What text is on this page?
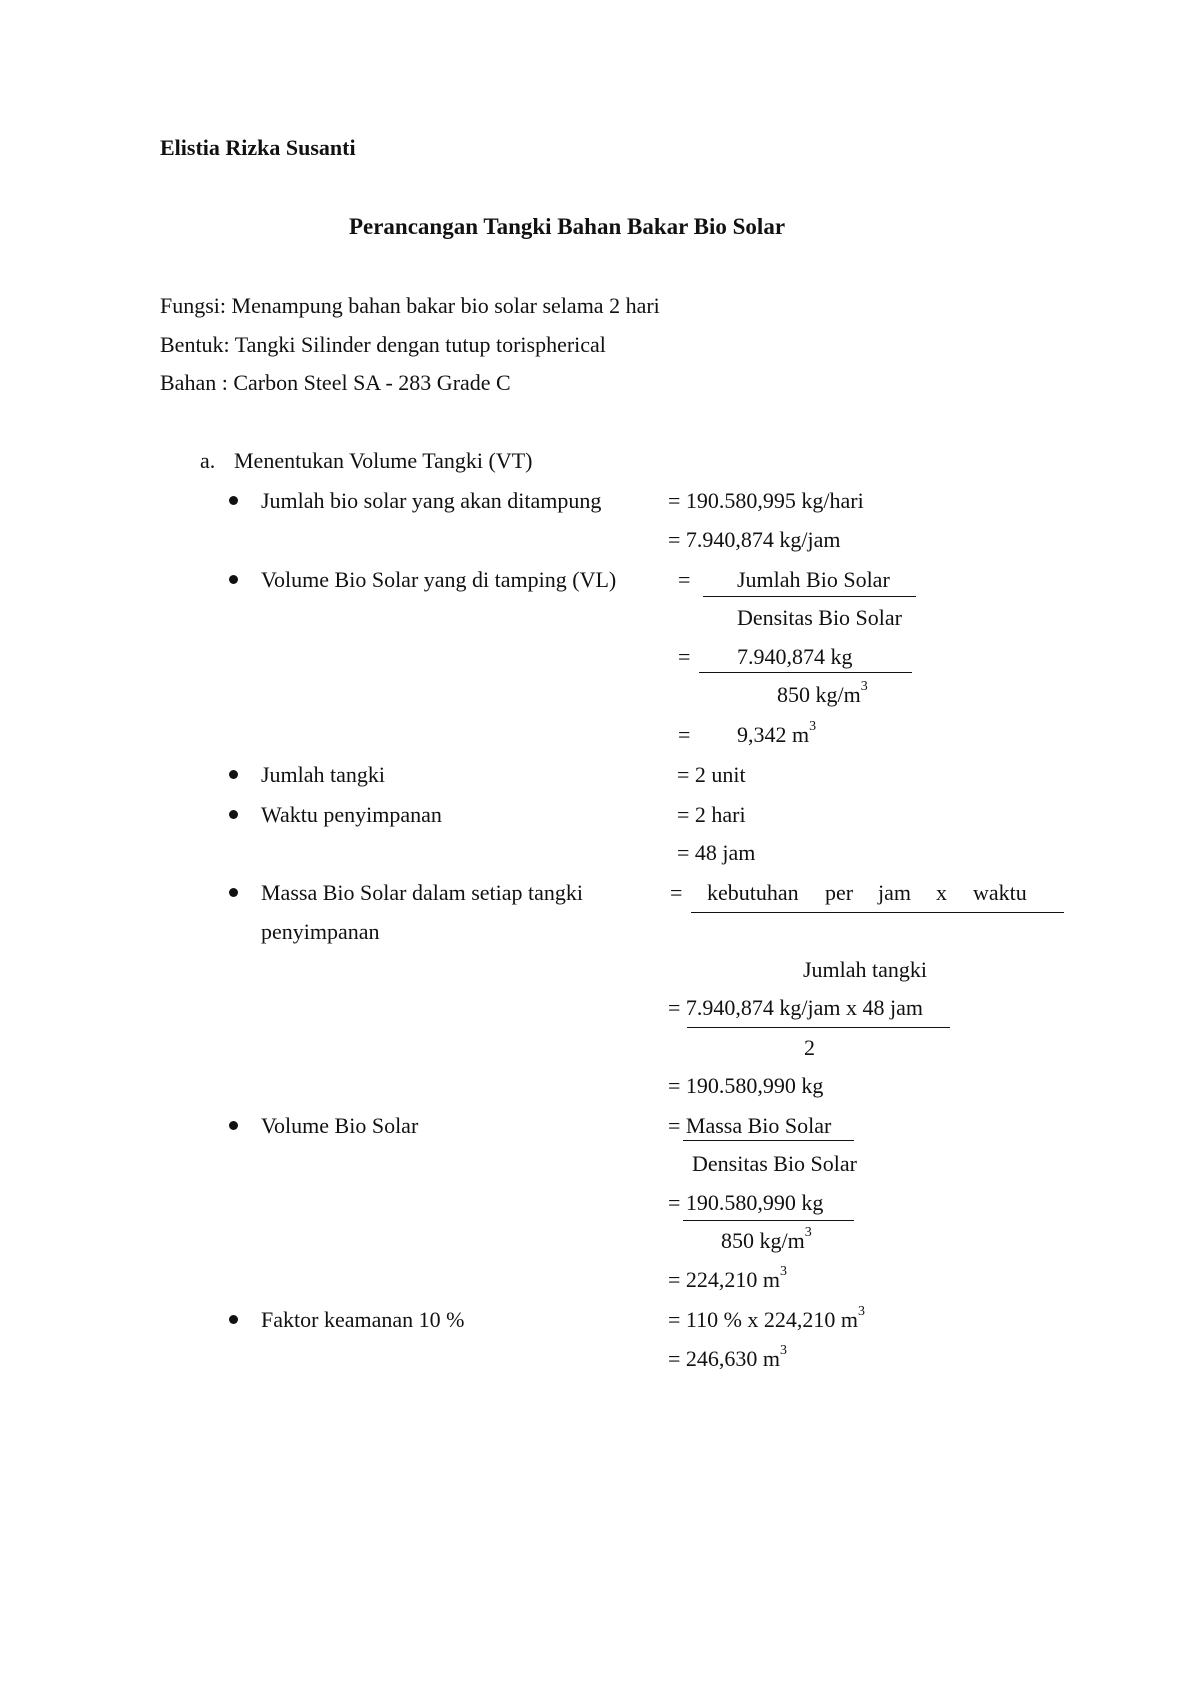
Elistia Rizka Susanti
Perancangan Tangki Bahan Bakar Bio Solar
Fungsi: Menampung bahan bakar bio solar selama 2 hari
Bentuk: Tangki Silinder dengan tutup torispherical
Bahan : Carbon Steel SA - 283 Grade C
a. Menentukan Volume Tangki (VT)
Jumlah bio solar yang akan ditampung	= 190.580,995 kg/hari
= 7.940,874 kg/jam
Volume Bio Solar yang di tamping (VL)	= Jumlah Bio Solar
Densitas Bio Solar
= 7.940,874 kg
850 $kg/m^3$
= 9,342 $m^3$
Jumlah tangki	= 2 unit
Waktu penyimpanan	= 2 hari
= 48 jam
Massa Bio Solar dalam setiap tangki
penyimpanan
= kebutuhan per jam x waktu
Jumlah tangki
= 7.940,874 kg/jam x 48 jam
2
= 190.580,990 kg
Volume Bio Solar	= Massa Bio Solar
Densitas Bio Solar
= 190.580,990 kg
850 $kg/m^3$
= 224,210 $m^3$
Faktor keamanan 10 %	= 110 % x 224,210 $m^3$
= 246,630 $m^3$
